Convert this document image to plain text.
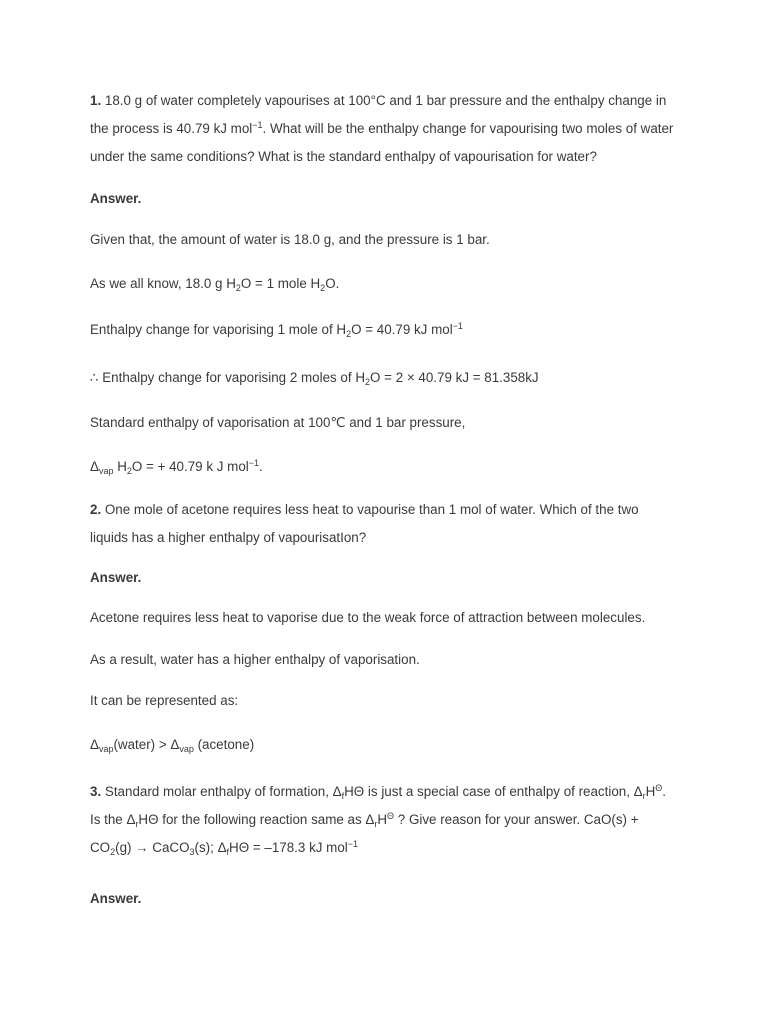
1. 18.0 g of water completely vapourises at 100°C and 1 bar pressure and the enthalpy change in the process is 40.79 kJ mol$^{-1}$. What will be the enthalpy change for vapourising two moles of water under the same conditions? What is the standard enthalpy of vapourisation for water?

Answer.

Given that, the amount of water is 18.0 g, and the pressure is 1 bar.

As we all know, 18.0 g $H_2O = 1$ mole $H_2O$.

Enthalpy change for vaporising 1 mole of $H_2O = 40.79$ kJ mol$^{-1}$

∴ Enthalpy change for vaporising 2 moles of $H_2O = 2 \times 40.79$ kJ = 81.358kJ

Standard enthalpy of vaporisation at 100℃ and 1 bar pressure,

$\Delta_{vap}$ $H_2O$ = + 40.79 k J mol$^{-1}$.

2. One mole of acetone requires less heat to vapourise than 1 mol of water. Which of the two liquids has a higher enthalpy of vapourisatIon?

Answer.

Acetone requires less heat to vaporise due to the weak force of attraction between molecules.

As a result, water has a higher enthalpy of vaporisation.

It can be represented as:

$\Delta_{vap}(water) > \Delta_{vap}$ (acetone)

3. Standard molar enthalpy of formation, $\Delta_fH\Theta$ is just a special case of enthalpy of reaction, $\Delta_rH^\Theta$. Is the $\Delta_rH\Theta$ for the following reaction same as $\Delta_rH^\Theta$ ? Give reason for your answer. $CaO(s) + CO_2(g)$ → CaCO$_3$(s); $\Delta_fH\Theta = -178.3$ kJ mol$^{-1}$

Answer.
